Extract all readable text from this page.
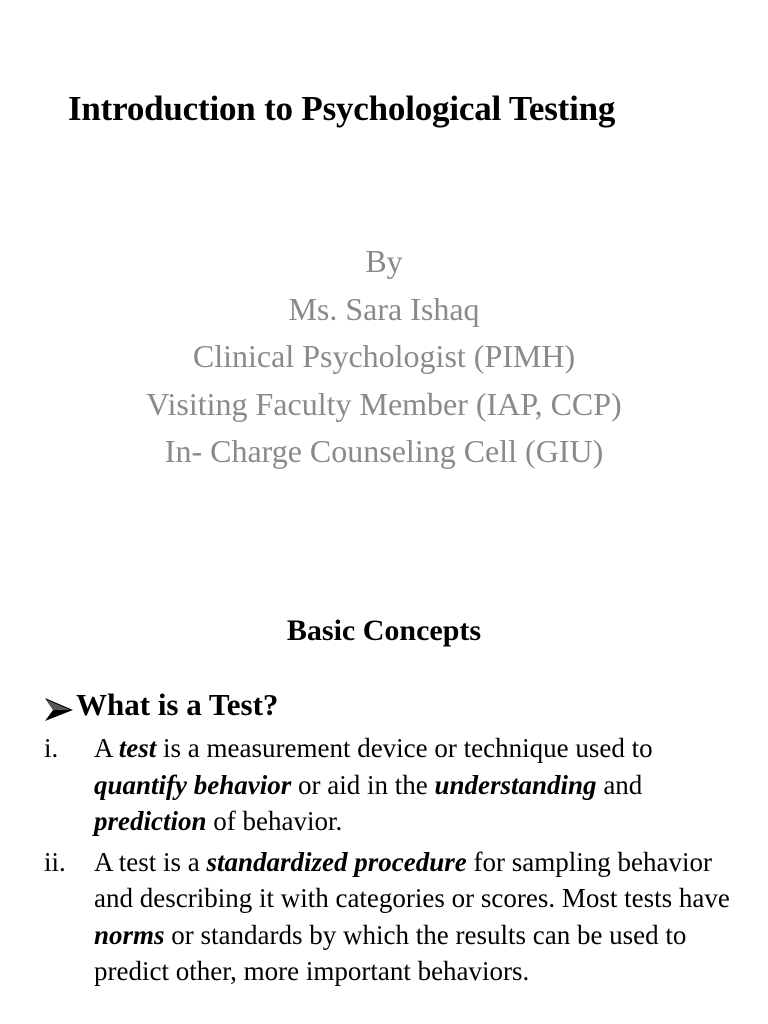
Introduction to Psychological Testing
By
Ms. Sara Ishaq
Clinical Psychologist (PIMH)
Visiting Faculty Member (IAP, CCP)
In- Charge Counseling Cell (GIU)
Basic Concepts
What is a Test?
i.	A test is a measurement device or technique used to quantify behavior or aid in the understanding and prediction of behavior.
ii.	A test is a standardized procedure for sampling behavior and describing it with categories or scores. Most tests have norms or standards by which the results can be used to predict other, more important behaviors.
